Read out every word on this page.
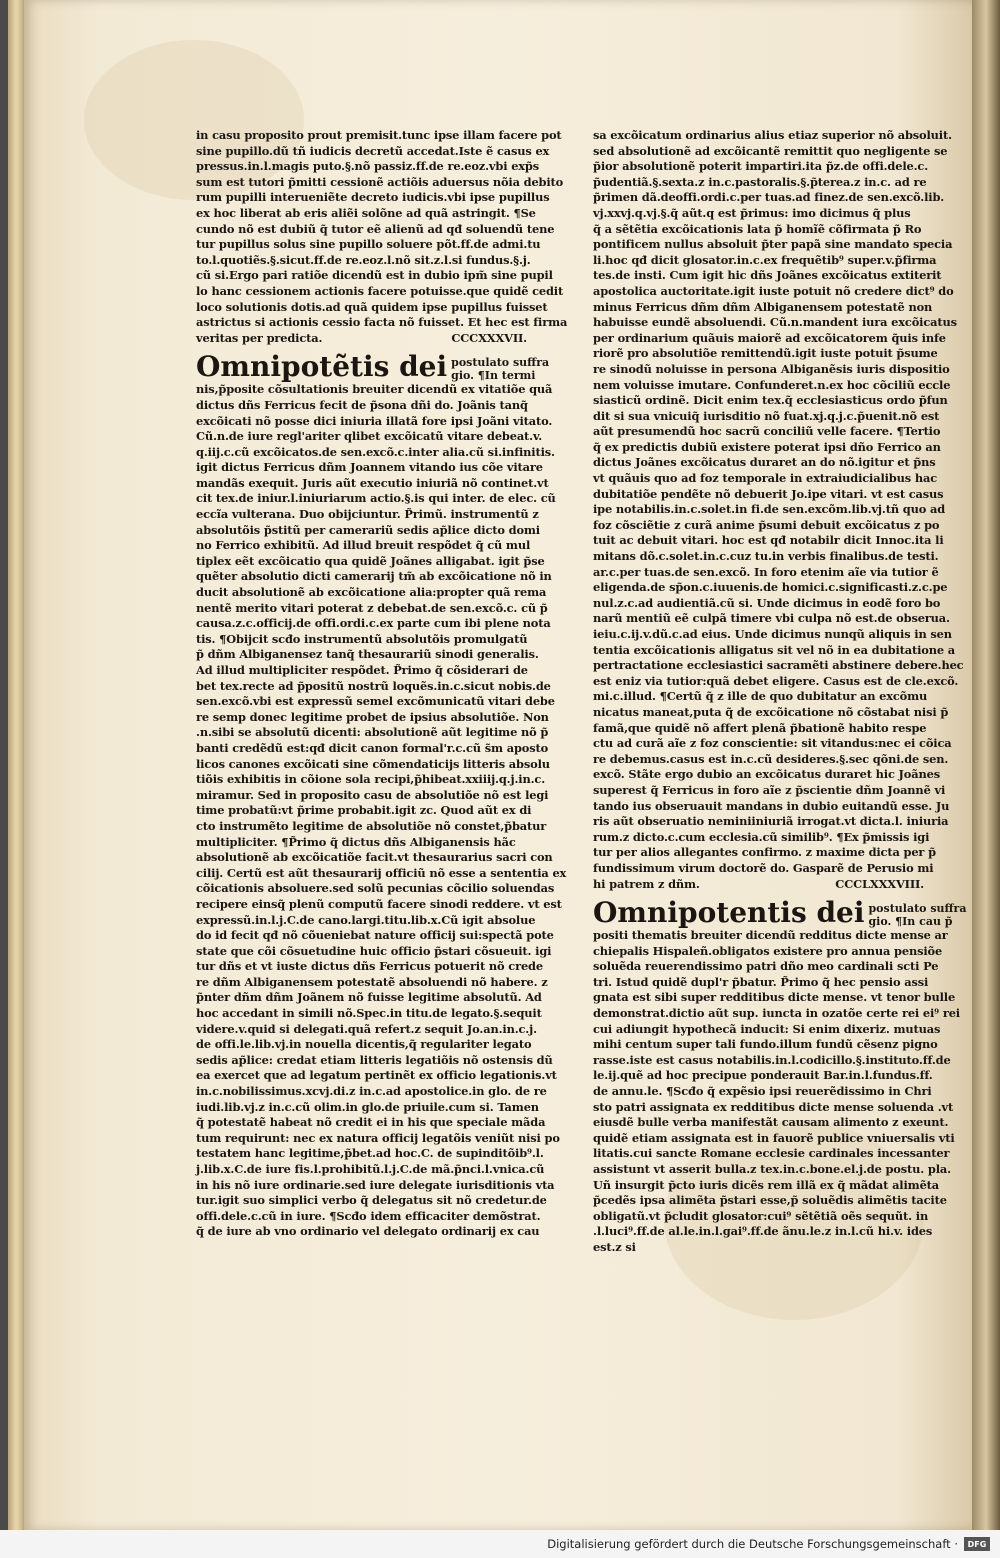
in casu proposito prout premisit.tunc ipse illam facere pot
sine pupillo.dũ tñ iudicis decretũ accedat.Iste ẽ casus ex
pressus.in.l.magis puto.§.nõ passiz.ff.de re.eoz.vbi exp̃s
sum est tutori p̃mitti cessionẽ actiõis aduersus nõia debito
rum pupilli interueniẽte decreto iudicis.vbi ipse pupillus
ex hoc liberat ab eris aliẽi solõne ad quã astringit. ¶Se
cundo nõ est dubiũ q̃ tutor eẽ alienũ ad qđ soluendũ tene
tur pupillus solus sine pupillo soluere põt.ff.de admi.tu
to.l.quotiẽs.§.sicut.ff.de re.eoz.l.nõ sit.z.l.si fundus.§.j.
cũ si.Ergo pari ratiõe dicendũ est in dubio ipm̃ sine pupil
lo hanc cessionem actionis facere potuisse.que quidẽ cedit
loco solutionis dotis.ad quã quidem ipse pupillus fuisset
astrictus si actionis cessio facta nõ fuisset. Et hec est firma
veritas per predicta.	CCCXXXVII.
Omnipotẽtis dei postulato suffra
gio. ¶In termi
nis,p̃posite cõsultationis breuiter dicendũ ex vitatiõe quã
dictus dñs Ferricus fecit de p̃sona dñi do. Joãnis tanq̃
excõicati nõ posse dici iniuria illatã fore ipsi Joãni vitato.
Cũ.n.de iure regl'ariter qlibet excõicatũ vitare debeat.v.
q.iij.c.cũ excõicatos.de sen.excõ.c.inter alia.cũ si.infinitis.
igit dictus Ferricus dñm Joannem vitando ius cõe vitare
mandãs exequit. Juris aũt executio iniuriã nõ continet.vt
cit tex.de iniur.l.iniuriarum actio.§.is qui inter. de elec. cũ
eccĩa vulterana. Duo obijciuntur. P̃rimũ. instrumentũ z
absolutõis p̃stitũ per camerariũ sedis ap̃lice dicto domi
no Ferrico exhibitũ. Ad illud breuit respõdet q̃ cũ mul
tiplex eẽt excõicatio qua quidẽ Joãnes alligabat. igit p̃se
quẽter absolutio dicti camerarij tm̃ ab excõicatione nõ in
ducit absolutionẽ ab excõicatione alia:propter quã rema
nentẽ merito vitari poterat z debebat.de sen.excõ.c. cũ p̃
causa.z.c.officij.de offi.ordi.c.ex parte cum ibi plene nota
tis. ¶Obijcit scđo instrumentũ absolutõis promulgatũ
p̃ dñm Albiganensez tanq̃ thesaurariũ sinodi generalis.
Ad illud multipliciter respõdet. P̃rimo q̃ cõsiderari de
bet tex.recte ad p̃positũ nostrũ loquẽs.in.c.sicut nobis.de
sen.excõ.vbi est expressũ semel excõmunicatũ vitari debe
re semp donec legitime probet de ipsius absolutiõe. Non
.n.sibi se absolutũ dicenti: absolutionẽ aũt legitime nõ p̃
banti credẽdũ est:qđ dicit canon formal'r.c.cũ s̃m aposto
licos canones excõicati sine cõmendaticijs litteris absolu
tiõis exhibitis in cõione sola recipi,p̃hibeat.xxiiij.q.j.in.c.
miramur. Sed in proposito casu de absolutiõe nõ est legi
time probatũ:vt p̃rime probabit.igit zc. Quod aũt ex di
cto instrumẽto legitime de absolutiõe nõ constet,p̃batur
multipliciter. ¶P̃rimo q̃ dictus dñs Albiganensis hãc
absolutionẽ ab excõicatiõe facit.vt thesaurarius sacri con
cilij. Certũ est aũt thesaurarij officiũ nõ esse a sententia ex
cõicationis absoluere.sed solũ pecunias cõcilio soluendas
recipere einsq̃ plenũ computũ facere sinodi reddere. vt est
expressũ.in.l.j.C.de cano.largi.titu.lib.x.Cũ igit absolue
do id fecit qđ nõ cõueniebat nature officij sui:spectã pote
state que cõi cõsuetudine huic officio p̃stari cõsueuit. igi
tur dñs et vt iuste dictus dñs Ferricus potuerit nõ crede
re dñm Albiganensem potestatẽ absoluendi nõ habere. z
p̃nter dñm dñm Joãnem nõ fuisse legitime absolutũ. Ad
hoc accedant in simili nõ.Spec.in titu.de legato.§.sequit
videre.v.quid si delegati.quã refert.z sequit Jo.an.in.c.j.
de offi.le.lib.vj.in nouella dicentis,q̃ regulariter legato
sedis ap̃lice: credat etiam litteris legatiõis nõ ostensis dũ
ea exercet que ad legatum pertinẽt ex officio legationis.vt
in.c.nobilissimus.xcvj.di.z in.c.ad apostolice.in glo. de re
iudi.lib.vj.z in.c.cũ olim.in glo.de priuile.cum si. Tamen
q̃ potestatẽ habeat nõ credit ei in his que speciale mãda
tum requirunt: nec ex natura officij legatõis veniũt nisi po
testatem hanc legitime,p̃bet.ad hoc.C. de supinditõib⁹.l.
j.lib.x.C.de iure fis.l.prohibitũ.l.j.C.de mã.p̃nci.l.vnica.cũ
in his nõ iure ordinarie.sed iure delegate iurisditionis vta
tur.igit suo simplici verbo q̃ delegatus sit nõ credetur.de
offi.dele.c.cũ in iure. ¶Scđo idem efficaciter demõstrat.
q̃ de iure ab vno ordinario vel delegato ordinarij ex cau
sa excõicatum ordinarius alius etiaz superior nõ absoluit.
sed absolutionẽ ad excõicantẽ remittit quo negligente se
p̃ior absolutionẽ poterit impartiri.ita p̃z.de offi.dele.c.
p̃udentiã.§.sexta.z in.c.pastoralis.§.p̃terea.z in.c. ad re
p̃rimen dã.deoffi.ordi.c.per tuas.ad finez.de sen.excõ.lib.
vj.xxvj.q.vj.§.q̃ aũt.q est p̃rimus: imo dicimus q̃ plus
q̃ a sẽtẽtia excõicationis lata p̃ homĩẽ cõfirmata p̃ Ro
pontificem nullus absoluit p̃ter papã sine mandato specia
li.hoc qđ dicit glosator.in.c.ex frequẽtib⁹ super.v.p̃firma
tes.de insti. Cum igit hic dñs Joãnes excõicatus extiterit
apostolica auctoritate.igit iuste potuit nõ credere dict⁹ do
minus Ferricus dñm dñm Albiganensem potestatẽ non
habuisse eundẽ absoluendi. Cũ.n.mandent iura excõicatus
per ordinarium quãuis maiorẽ ad excõicatorem q̃uis infe
riorẽ pro absolutiõe remittendũ.igit iuste potuit p̃sume
re sinodũ noluisse in persona Albiganẽsis iuris dispositio
nem voluisse imutare. Confunderet.n.ex hoc cõciliũ eccle
siasticũ ordinẽ. Dicit enim tex.q̃ ecclesiasticus ordo p̃fun
dit si sua vnicuiq̃ iurisditio nõ fuat.xj.q.j.c.p̃uenit.nõ est
aũt presumendũ hoc sacrũ conciliũ velle facere. ¶Tertio
q̃ ex predictis dubiũ existere poterat ipsi dño Ferrico an
dictus Joãnes excõicatus duraret an do nõ.igitur et p̃ns
vt quãuis quo ad foz temporale in extraiudicialibus hac
dubitatiõe pendẽte nõ debuerit Jo.ipe vitari. vt est casus
ipe notabilis.in.c.solet.in fi.de sen.excõm.lib.vj.tñ quo ad
foz cõsciẽtie z curã anime p̃sumi debuit excõicatus z po
tuit ac debuit vitari. hoc est qđ notabilr dicit Innoc.ita li
mitans dõ.c.solet.in.c.cuz tu.in verbis finalibus.de testi.
ar.c.per tuas.de sen.excõ. In foro etenim aĩe via tutior ẽ
eligenda.de sp̃on.c.iuuenis.de homici.c.significasti.z.c.pe
nul.z.c.ad audientiã.cũ si. Unde dicimus in eodẽ foro bo
narũ mentiũ eẽ culpã timere vbi culpa nõ est.de obserua.
ieiu.c.ij.v.dũ.c.ad eius. Unde dicimus nunqũ aliquis in sen
tentia excõicationis alligatus sit vel nõ in ea dubitatione a
pertractatione ecclesiastici sacramẽti abstinere debere.hec
est eniz via tutior:quã debet eligere. Casus est de cle.excõ.
mi.c.illud. ¶Certũ q̃ z ille de quo dubitatur an excõmu
nicatus maneat,puta q̃ de excõicatione nõ cõstabat nisi p̃
famã,que quidẽ nõ affert plenã p̃bationẽ habito respe
ctu ad curã aĩe z foz conscientie: sit vitandus:nec ei cõica
re debemus.casus est in.c.cũ desideres.§.sec qõni.de sen.
excõ. Stãte ergo dubio an excõicatus duraret hic Joãnes
superest q̃ Ferricus in foro aĩe z p̃scientie dñm Joannẽ vi
tando ius obseruauit mandans in dubio euitandũ esse. Ju
ris aũt obseruatio neminiiniuriã irrogat.vt dicta.l. iniuria
rum.z dicto.c.cum ecclesia.cũ similib⁹. ¶Ex p̃missis igi
tur per alios allegantes confirmo. z maxime dicta per p̃
fundissimum virum doctorẽ do. Gasparẽ de Perusio mi
hi patrem z dñm.	CCCLXXXVIII.
Omnipotentis dei postulato suffra
gio. ¶In cau p̃
positi thematis breuiter dicendũ redditus dicte mense ar
chiepalis Hispaleñ.obligatos existere pro annua pensiõe
soluẽda reuerendissimo patri dño meo cardinali scti Pe
tri. Istud quidẽ dupl'r p̃batur. P̃rimo q̃ hec pensio assi
gnata est sibi super redditibus dicte mense. vt tenor bulle
demonstrat.dictio aũt sup. iuncta in ozatõe certe rei ei⁹ rei
cui adiungit hypothecã inducit: Si enim dixeriz. mutuas
mihi centum super tali fundo.illum fundũ cẽsenz pigno
rasse.iste est casus notabilis.in.l.codicillo.§.instituto.ff.de
le.ij.quẽ ad hoc precipue ponderauit Bar.in.l.fundus.ff.
de annu.le. ¶Scđo q̃ expẽsio ipsi reuerẽdissimo in Chri
sto patri assignata ex redditibus dicte mense soluenda .vt
eiusdẽ bulle verba manifestãt causam alimento z exeunt.
quidẽ etiam assignata est in fauorẽ publice vniuersalis vti
litatis.cui sancte Romane ecclesie cardinales incessanter
assistunt vt asserit bulla.z tex.in.c.bone.el.j.de postu. pla.
Uñ insurgit p̃cto iuris dicẽs rem illã ex q̃ mãdat alimẽta
p̃cedẽs ipsa alimẽta p̃stari esse,p̃ soluẽdis alimẽtis tacite
obligatũ.vt p̃cludit glosator:cui⁹ sẽtẽtiã oẽs sequũt. in
.l.luci⁹.ff.de al.le.in.l.gai⁹.ff.de ãnu.le.z in.l.cũ hi.v. ides
est.z si
Digitalisierung gefördert durch die Deutsche Forschungsgemeinschaft ·	DFG
